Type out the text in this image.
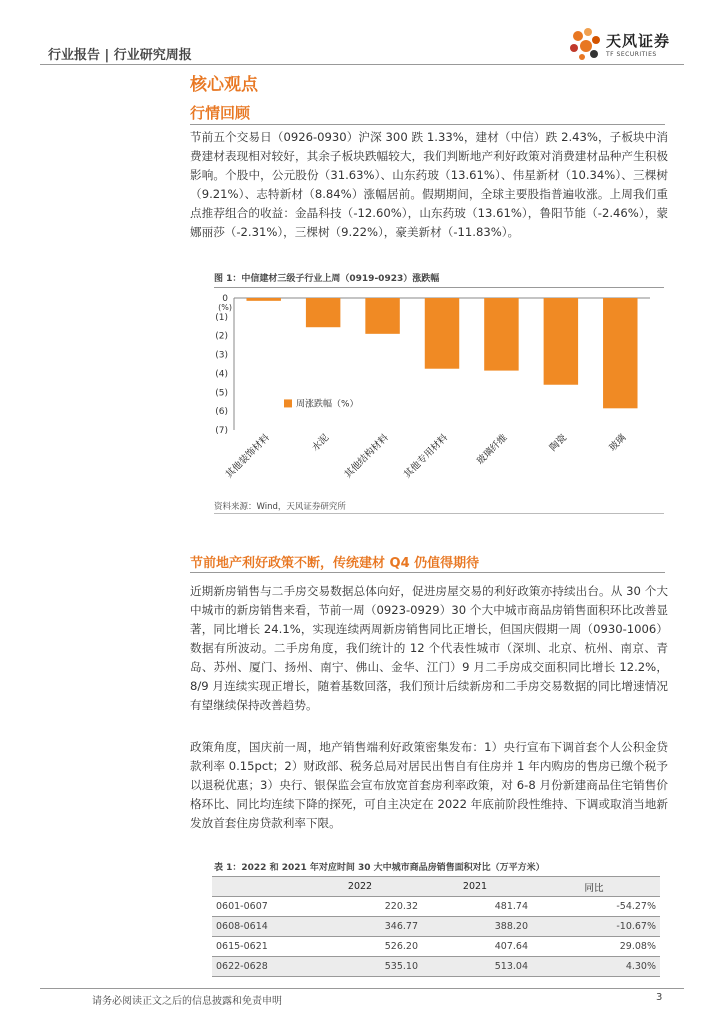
行业报告 | 行业研究周报
天风证券
TF SECURITIES
核心观点
行情回顾
节前五个交易日（0926-0930）沪深 300 跌 1.33%，建材（中信）跌 2.43%，子板块中消费建材表现相对较好，其余子板块跌幅较大，我们判断地产利好政策对消费建材品种产生积极影响。个股中，公元股份（31.63%）、山东药玻（13.61%）、伟星新材（10.34%）、三棵树（9.21%）、志特新材（8.84%）涨幅居前。假期期间，全球主要股指普遍收涨。上周我们重点推荐组合的收益：金晶科技（-12.60%），山东药玻（13.61%），鲁阳节能（-2.46%），蒙娜丽莎（-2.31%），三棵树（9.22%），豪美新材（-11.83%）。
图 1：中信建材三级子行业上周（0919-0923）涨跌幅
0
(1)
(2)
(3)
(4)
(5)
(6)
(7)
(%)
其他装饰材料	水泥 其他结构材料 其他专用材料	玻璃纤维	陶瓷	玻璃
周涨跌幅（%）
资料来源：Wind，天风证券研究所
节前地产利好政策不断，传统建材 Q4 仍值得期待
近期新房销售与二手房交易数据总体向好，促进房屋交易的利好政策亦持续出台。从 30 个大中城市的新房销售来看，节前一周（0923-0929）30 个大中城市商品房销售面积环比改善显著，同比增长 24.1%，实现连续两周新房销售同比正增长，但国庆假期一周（0930-1006）数据有所波动。二手房角度，我们统计的 12 个代表性城市（深圳、北京、杭州、南京、青岛、苏州、厦门、扬州、南宁、佛山、金华、江门）9 月二手房成交面积同比增长 12.2%，8/9 月连续实现正增长，随着基数回落，我们预计后续新房和二手房交易数据的同比增速情况有望继续保持改善趋势。
政策角度，国庆前一周，地产销售端利好政策密集发布：1）央行宣布下调首套个人公积金贷款利率 0.15pct；2）财政部、税务总局对居民出售自有住房并 1 年内购房的售房已缴个税予以退税优惠；3）央行、银保监会宣布放宽首套房利率政策，对 6-8 月份新建商品住宅销售价格环比、同比均连续下降的探死，可自主决定在 2022 年底前阶段性维持、下调或取消当地新发放首套住房贷款利率下限。
表 1：2022 和 2021 年对应时间 30 大中城市商品房销售面积对比（万平方米）
	2022	2021	同比
0601-0607	220.32	481.74	-54.27%
0608-0614	346.77	388.20	-10.67%
0615-0621	526.20	407.64	29.08%
0622-0628	535.10	513.04	4.30%
请务必阅读正文之后的信息披露和免责申明	3
